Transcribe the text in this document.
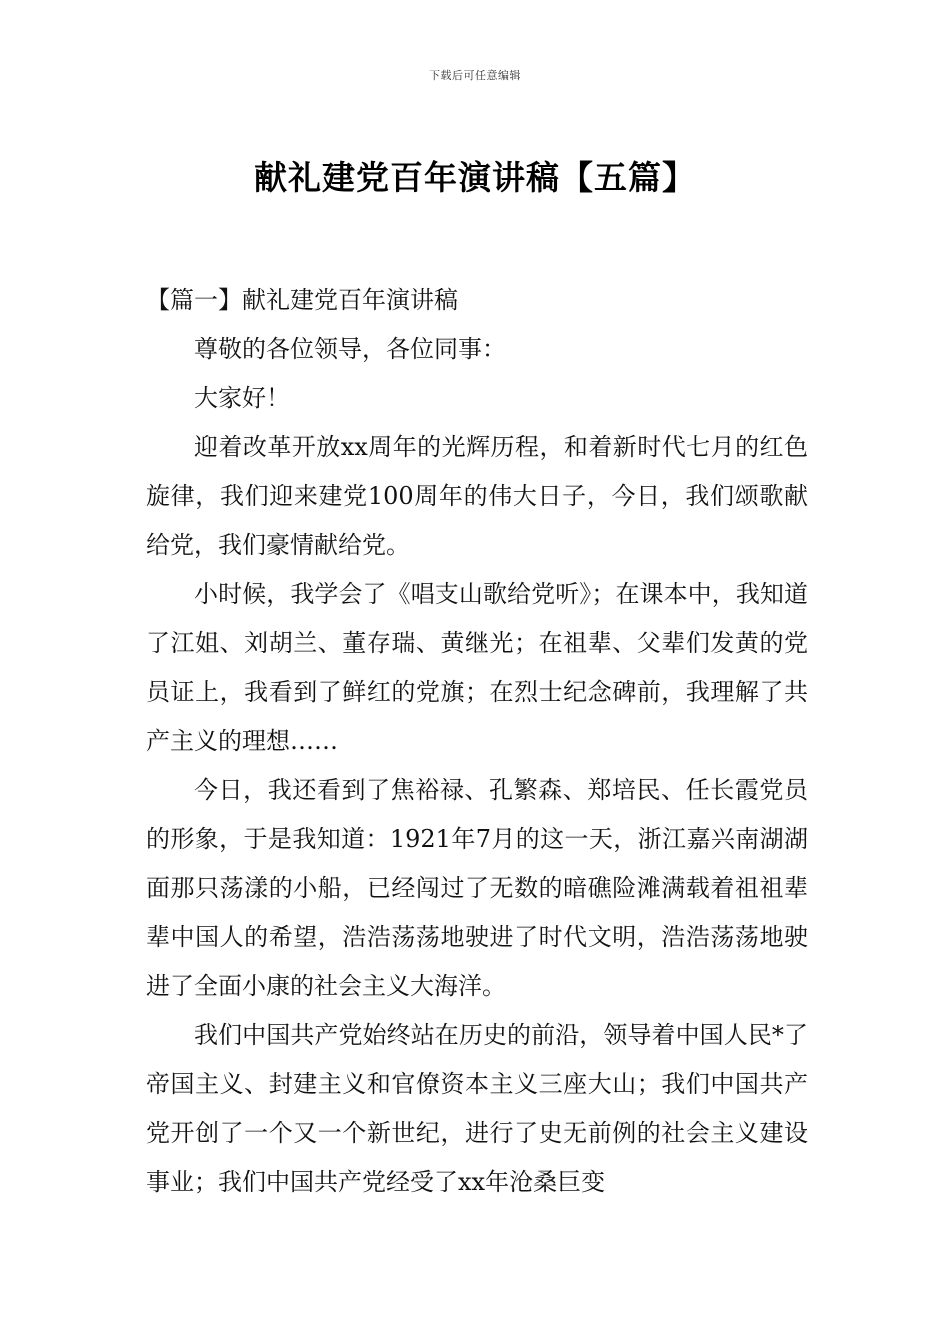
下载后可任意编辑
献礼建党百年演讲稿【五篇】

【篇一】献礼建党百年演讲稿

尊敬的各位领导，各位同事：

大家好！

迎着改革开放xx周年的光辉历程，和着新时代七月的红色旋律，我们迎来建党100周年的伟大日子，今日，我们颂歌献给党，我们豪情献给党。

小时候，我学会了《唱支山歌给党听》；在课本中，我知道了江姐、刘胡兰、董存瑞、黄继光；在祖辈、父辈们发黄的党员证上，我看到了鲜红的党旗；在烈士纪念碑前，我理解了共产主义的理想……

今日，我还看到了焦裕禄、孔繁森、郑培民、任长霞党员的形象，于是我知道：1921年7月的这一天，浙江嘉兴南湖湖面那只荡漾的小船，已经闯过了无数的暗礁险滩满载着祖祖辈辈中国人的希望，浩浩荡荡地驶进了时代文明，浩浩荡荡地驶进了全面小康的社会主义大海洋。

我们中国共产党始终站在历史的前沿，领导着中国人民*了帝国主义、封建主义和官僚资本主义三座大山；我们中国共产党开创了一个又一个新世纪，进行了史无前例的社会主义建设事业；我们中国共产党经受了xx年沧桑巨变
